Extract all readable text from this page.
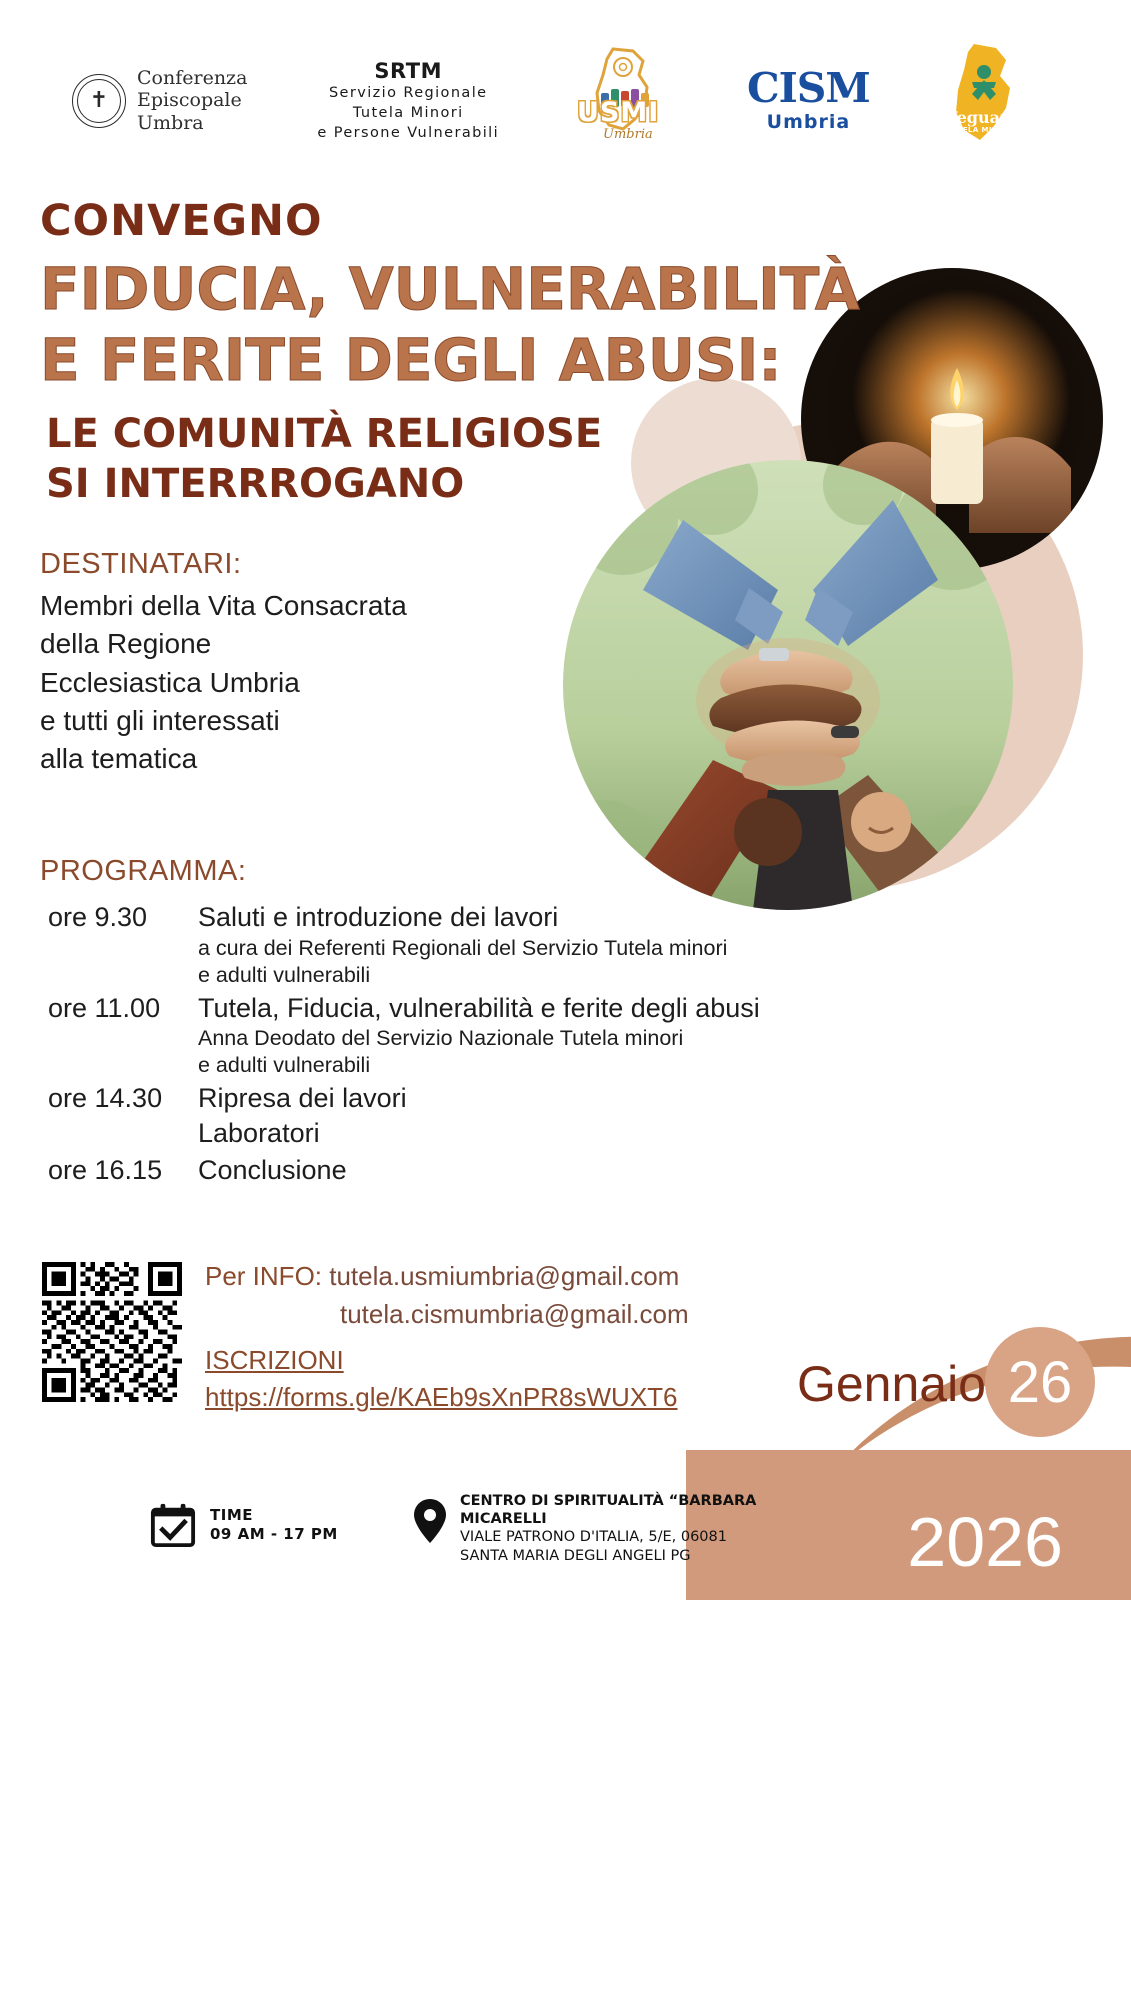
✝
Conferenza
Episcopale
Umbra
SRTM
Servizio Regionale
Tutela Minori
e Persone Vulnerabili
USMI
Umbria
CISM
Umbria	Safeguarding
TUTELA MINORI E
PERSONE VULNERABILI
CONVEGNO
FIDUCIA, VULNERABILITÀ
E FERITE DEGLI ABUSI:
LE COMUNITÀ RELIGIOSE
SI INTERRROGANO
DESTINATARI:
Membri della Vita Consacrata
della Regione
Ecclesiastica Umbria
e tutti gli interessati
alla tematica
PROGRAMMA:
ore 9.30	Saluti e introduzione dei lavori
a cura dei Referenti Regionali del Servizio Tutela minori
e adulti vulnerabili
ore 11.00	Tutela, Fiducia, vulnerabilità e ferite degli abusi
Anna Deodato del Servizio Nazionale Tutela minori
e adulti vulnerabili
ore 14.30	Ripresa dei lavori
Laboratori
ore 16.15	Conclusione
Per INFO: tutela.usmiumbria@gmail.com
tutela.cismumbria@gmail.com
ISCRIZIONI
https://forms.gle/KAEb9sXnPR8sWUXT6 Gennaio 26
2026
TIME
09 AM - 17 PM
CENTRO DI SPIRITUALITÀ “BARBARA
MICARELLI
VIALE PATRONO D'ITALIA, 5/E, 06081
SANTA MARIA DEGLI ANGELI PG
